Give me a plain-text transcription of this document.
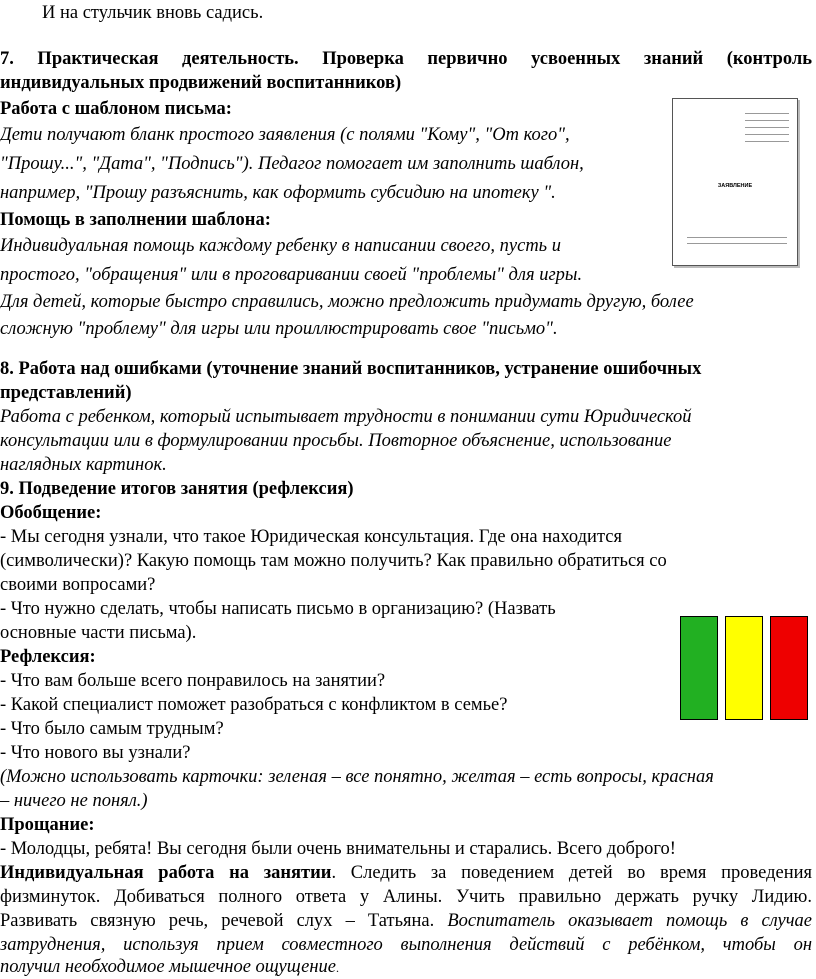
И на стульчик вновь садись.
7. Практическая деятельность. Проверка первично усвоенных знаний (контроль
индивидуальных продвижений воспитанников)
Работа с шаблоном письма:
Дети получают бланк простого заявления (с полями "Кому", "От кого",
"Прошу...", "Дата", "Подпись"). Педагог помогает им заполнить шаблон,
например, "Прошу разъяснить, как оформить субсидию на ипотеку ".
Помощь в заполнении шаблона:
Индивидуальная помощь каждому ребенку в написании своего, пусть и
простого, "обращения" или в проговаривании своей "проблемы" для игры.
Для детей, которые быстро справились, можно предложить придумать другую, более
сложную "проблему" для игры или проиллюстрировать свое "письмо".
8. Работа над ошибками (уточнение знаний воспитанников, устранение ошибочных
представлений)
Работа с ребенком, который испытывает трудности в понимании сути Юридической
консультации или в формулировании просьбы. Повторное объяснение, использование
наглядных картинок.
9. Подведение итогов занятия (рефлексия)
Обобщение:
- Мы сегодня узнали, что такое Юридическая консультация. Где она находится
(символически)? Какую помощь там можно получить? Как правильно обратиться со
своими вопросами?
- Что нужно сделать, чтобы написать письмо в организацию? (Назвать
основные части письма).
Рефлексия:
- Что вам больше всего понравилось на занятии?
- Какой специалист поможет разобраться с конфликтом в семье?
- Что было самым трудным?
- Что нового вы узнали?
(Можно использовать карточки: зеленая – все понятно, желтая – есть вопросы, красная
– ничего не понял.)
Прощание:
- Молодцы, ребята! Вы сегодня были очень внимательны и старались. Всего доброго!
Индивидуальная работа на занятии. Следить за поведением детей во время проведения
физминуток. Добиваться полного ответа у Алины. Учить правильно держать ручку Лидию.
Развивать связную речь, речевой слух – Татьяна. Воспитатель оказывает помощь в случае
затруднения, используя прием совместного выполнения действий с ребёнком, чтобы он
получил необходимое мышечное ощущение.
ЗАЯВЛЕНИЕ
